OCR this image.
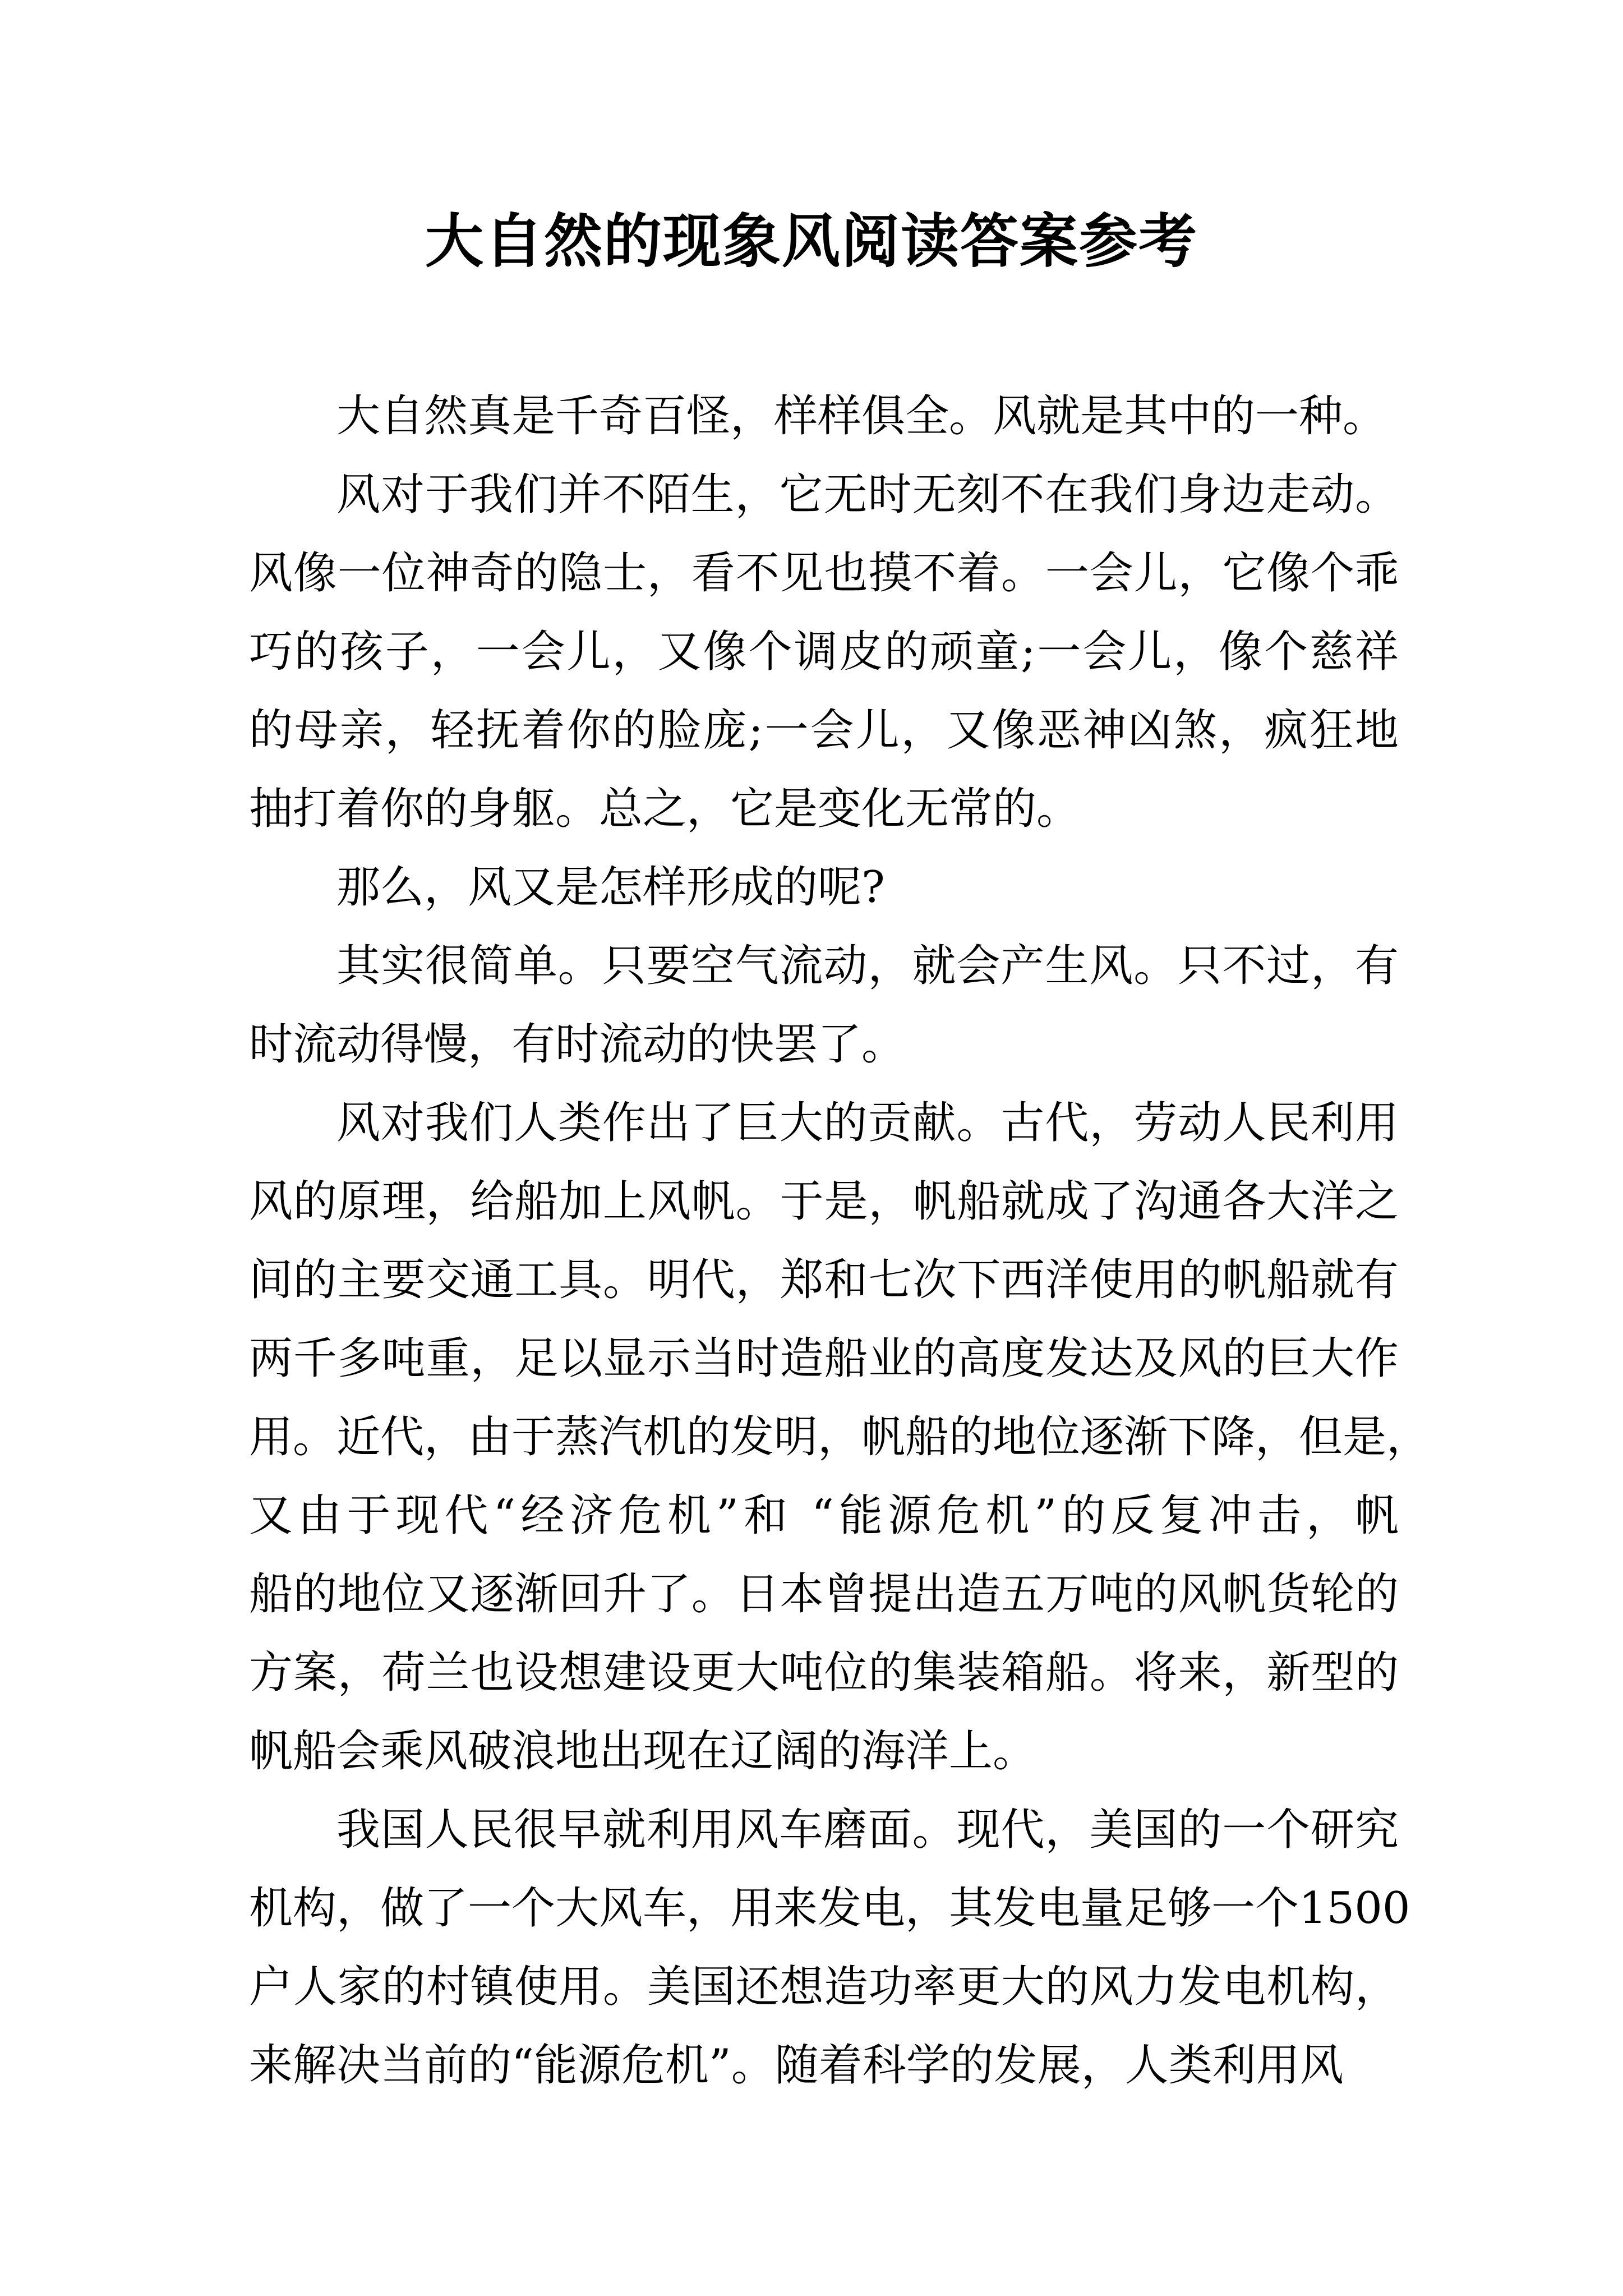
大自然的现象风阅读答案参考
大自然真是千奇百怪，样样俱全。风就是其中的一种。
风对于我们并不陌生，它无时无刻不在我们身边走动。
风像一位神奇的隐士，看不见也摸不着。一会儿，它像个乖
巧的孩子，一会儿，又像个调皮的顽童;一会儿，像个慈祥
的母亲，轻抚着你的脸庞;一会儿，又像恶神凶煞，疯狂地
抽打着你的身躯。总之，它是变化无常的。
那么，风又是怎样形成的呢?
其实很简单。只要空气流动，就会产生风。只不过，有
时流动得慢，有时流动的快罢了。
风对我们人类作出了巨大的贡献。古代，劳动人民利用
风的原理，给船加上风帆。于是，帆船就成了沟通各大洋之
间的主要交通工具。明代，郑和七次下西洋使用的帆船就有
两千多吨重，足以显示当时造船业的高度发达及风的巨大作
用。近代，由于蒸汽机的发明，帆船的地位逐渐下降，但是，
又由于现代“经济危机”和 “能源危机”的反复冲击，帆
船的地位又逐渐回升了。日本曾提出造五万吨的风帆货轮的
方案，荷兰也设想建设更大吨位的集装箱船。将来，新型的
帆船会乘风破浪地出现在辽阔的海洋上。
我国人民很早就利用风车磨面。现代，美国的一个研究
机构，做了一个大风车，用来发电，其发电量足够一个1500
户人家的村镇使用。美国还想造功率更大的风力发电机构，
来解决当前的“能源危机”。随着科学的发展，人类利用风
